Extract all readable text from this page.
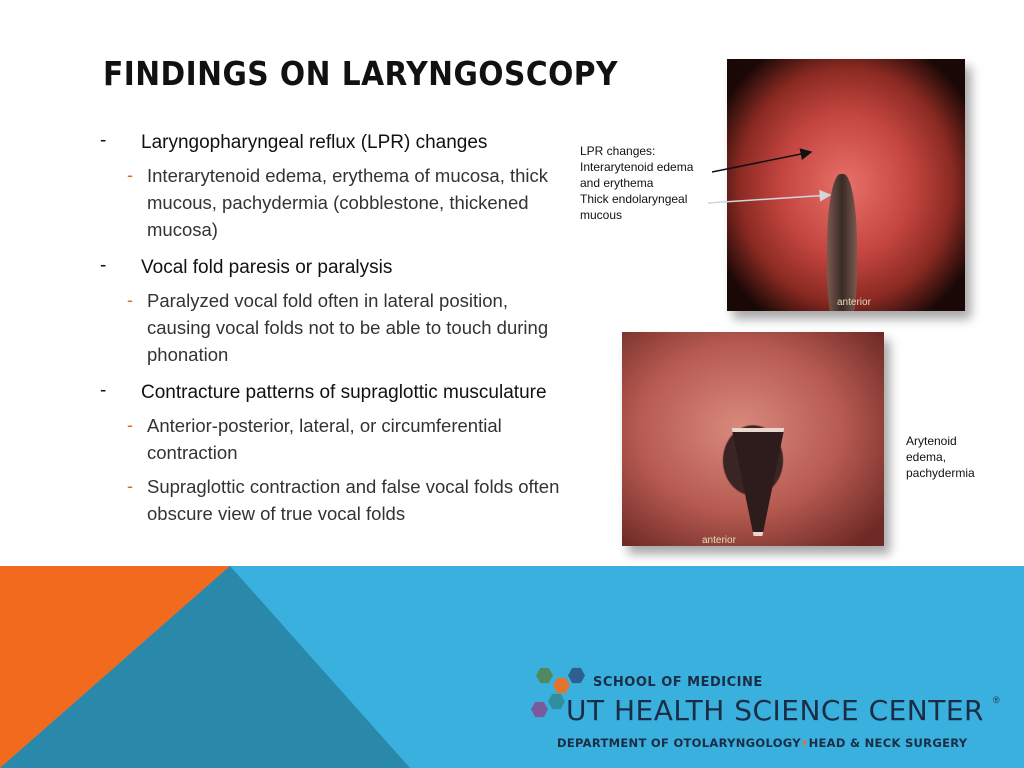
FINDINGS ON LARYNGOSCOPY
-	Laryngopharyngeal reflux (LPR) changes
- Interarytenoid edema, erythema of mucosa, thick mucous, pachydermia (cobblestone, thickened mucosa)
-	Vocal fold paresis or paralysis
- Paralyzed vocal fold often in lateral position, causing vocal folds not to be able to touch during phonation
-	Contracture patterns of supraglottic musculature
- Anterior-posterior, lateral, or circumferential contraction
- Supraglottic contraction and false vocal folds often obscure view of true vocal folds
anterior
anterior
LPR changes:
Interarytenoid edema
and erythema
Thick endolaryngeal
mucous
Arytenoid
edema,
pachydermia
SCHOOL OF MEDICINE
UT HEALTH SCIENCE CENTER ®
DEPARTMENT OF OTOLARYNGOLOGY•HEAD & NECK SURGERY
